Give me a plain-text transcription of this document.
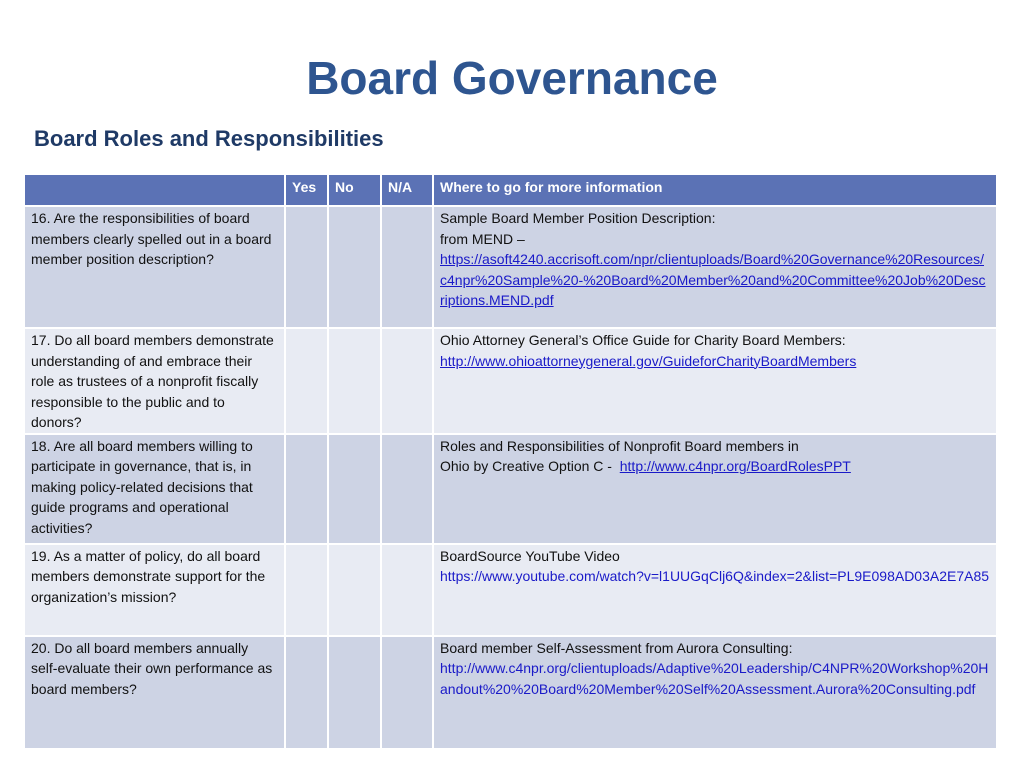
Board Governance
Board Roles and Responsibilities
	Yes	No	N/A	Where to go for more information
16. Are the responsibilities of board members clearly spelled out in a board member position description?				Sample Board Member Position Description:
from MEND –
https://asoft4240.accrisoft.com/npr/clientuploads/Board%20Governance%20Resources/c4npr%20Sample%20-%20Board%20Member%20and%20Committee%20Job%20Descriptions.MEND.pdf
17. Do all board members demonstrate understanding of and embrace their role as trustees of a nonprofit fiscally responsible to the public and to donors?				Ohio Attorney General’s Office Guide for Charity Board Members:
http://www.ohioattorneygeneral.gov/GuideforCharityBoardMembers
18. Are all board members willing to participate in governance, that is, in making policy-related decisions that guide programs and operational activities?				Roles and Responsibilities of Nonprofit Board members in
Ohio by Creative Option C - http://www.c4npr.org/BoardRolesPPT

19. As a matter of policy, do all board members demonstrate support for the organization’s mission?				BoardSource YouTube Video
https://www.youtube.com/watch?v=l1UUGqClj6Q&index=2&list=PL9E098AD03A2E7A85
20. Do all board members annually self-evaluate their own performance as board members?				Board member Self-Assessment from Aurora Consulting:
http://www.c4npr.org/clientuploads/Adaptive%20Leadership/C4NPR%20Workshop%20Handout%20%20Board%20Member%20Self%20Assessment.Aurora%20Consulting.pdf
